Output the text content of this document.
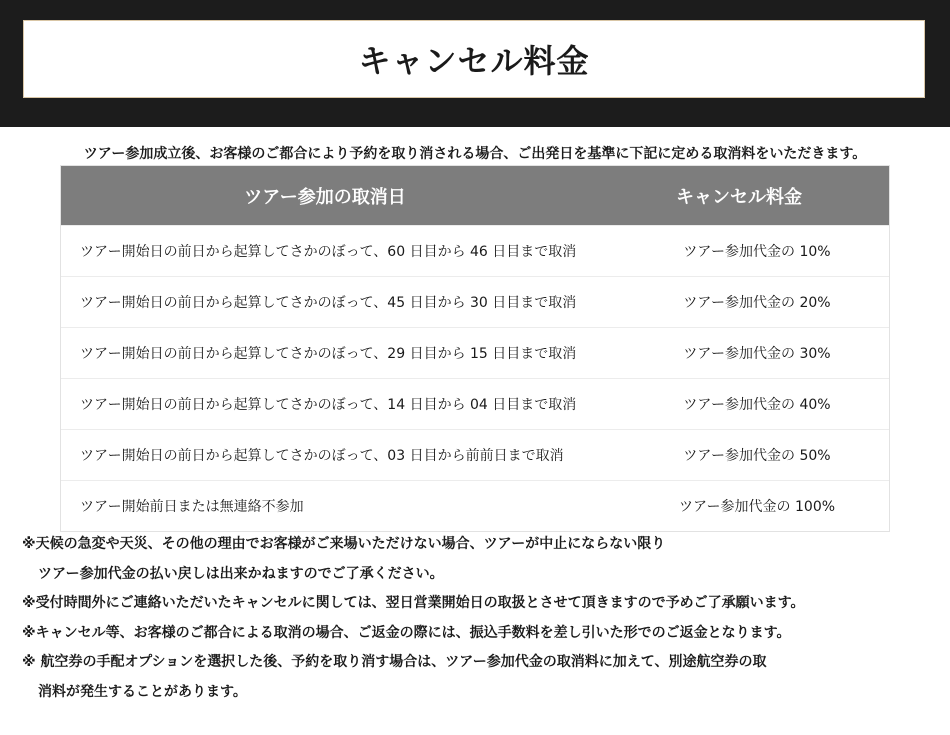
キャンセル料金
ツアー参加成立後、お客様のご都合により予約を取り消される場合、ご出発日を基準に下記に定める取消料をいただきます。
ツアー参加の取消日	キャンセル料金
ツアー開始日の前日から起算してさかのぼって、60 日目から 46 日目まで取消	ツアー参加代金の 10%
ツアー開始日の前日から起算してさかのぼって、45 日目から 30 日目まで取消	ツアー参加代金の 20%
ツアー開始日の前日から起算してさかのぼって、29 日目から 15 日目まで取消	ツアー参加代金の 30%
ツアー開始日の前日から起算してさかのぼって、14 日目から 04 日目まで取消	ツアー参加代金の 40%
ツアー開始日の前日から起算してさかのぼって、03 日目から前前日まで取消	ツアー参加代金の 50%
ツアー開始前日または無連絡不参加	ツアー参加代金の 100%
※天候の急変や天災、その他の理由でお客様がご来場いただけない場合、ツアーが中止にならない限り
ツアー参加代金の払い戻しは出来かねますのでご了承ください。
※受付時間外にご連絡いただいたキャンセルに関しては、翌日営業開始日の取扱とさせて頂きますので予めご了承願います。
※キャンセル等、お客様のご都合による取消の場合、ご返金の際には、振込手数料を差し引いた形でのご返金となります。
※ 航空券の手配オプションを選択した後、予約を取り消す場合は、ツアー参加代金の取消料に加えて、別途航空券の取
消料が発生することがあります。
